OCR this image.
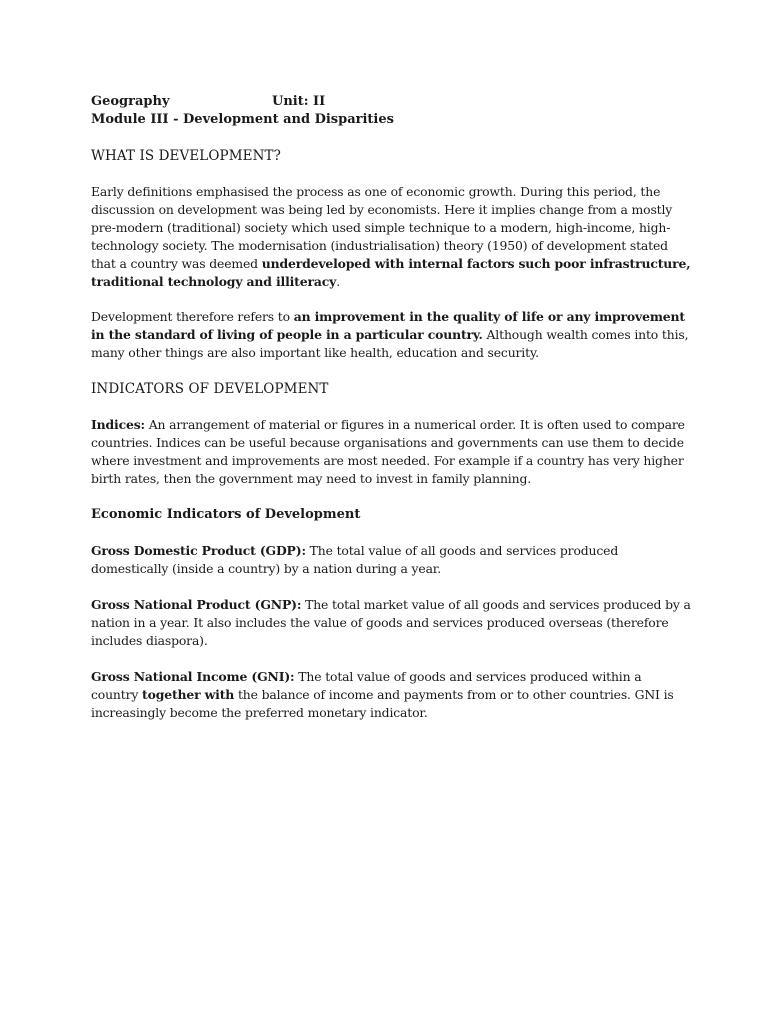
Geography	Unit: II
Module III - Development and Disparities
WHAT IS DEVELOPMENT?

Early definitions emphasised the process as one of economic growth. During this period, the discussion on development was being led by economists. Here it implies change from a mostly pre-modern (traditional) society which used simple technique to a modern, high-income, high-technology society. The modernisation (industrialisation) theory (1950) of development stated that a country was deemed underdeveloped with internal factors such poor infrastructure, traditional technology and illiteracy.

Development therefore refers to an improvement in the quality of life or any improvement in the standard of living of people in a particular country. Although wealth comes into this, many other things are also important like health, education and security.

INDICATORS OF DEVELOPMENT

Indices: An arrangement of material or figures in a numerical order. It is often used to compare countries. Indices can be useful because organisations and governments can use them to decide where investment and improvements are most needed. For example if a country has very higher birth rates, then the government may need to invest in family planning.

Economic Indicators of Development

Gross Domestic Product (GDP): The total value of all goods and services produced domestically (inside a country) by a nation during a year.

Gross National Product (GNP): The total market value of all goods and services produced by a nation in a year. It also includes the value of goods and services produced overseas (therefore includes diaspora).

Gross National Income (GNI): The total value of goods and services produced within a country together with the balance of income and payments from or to other countries. GNI is increasingly become the preferred monetary indicator.
